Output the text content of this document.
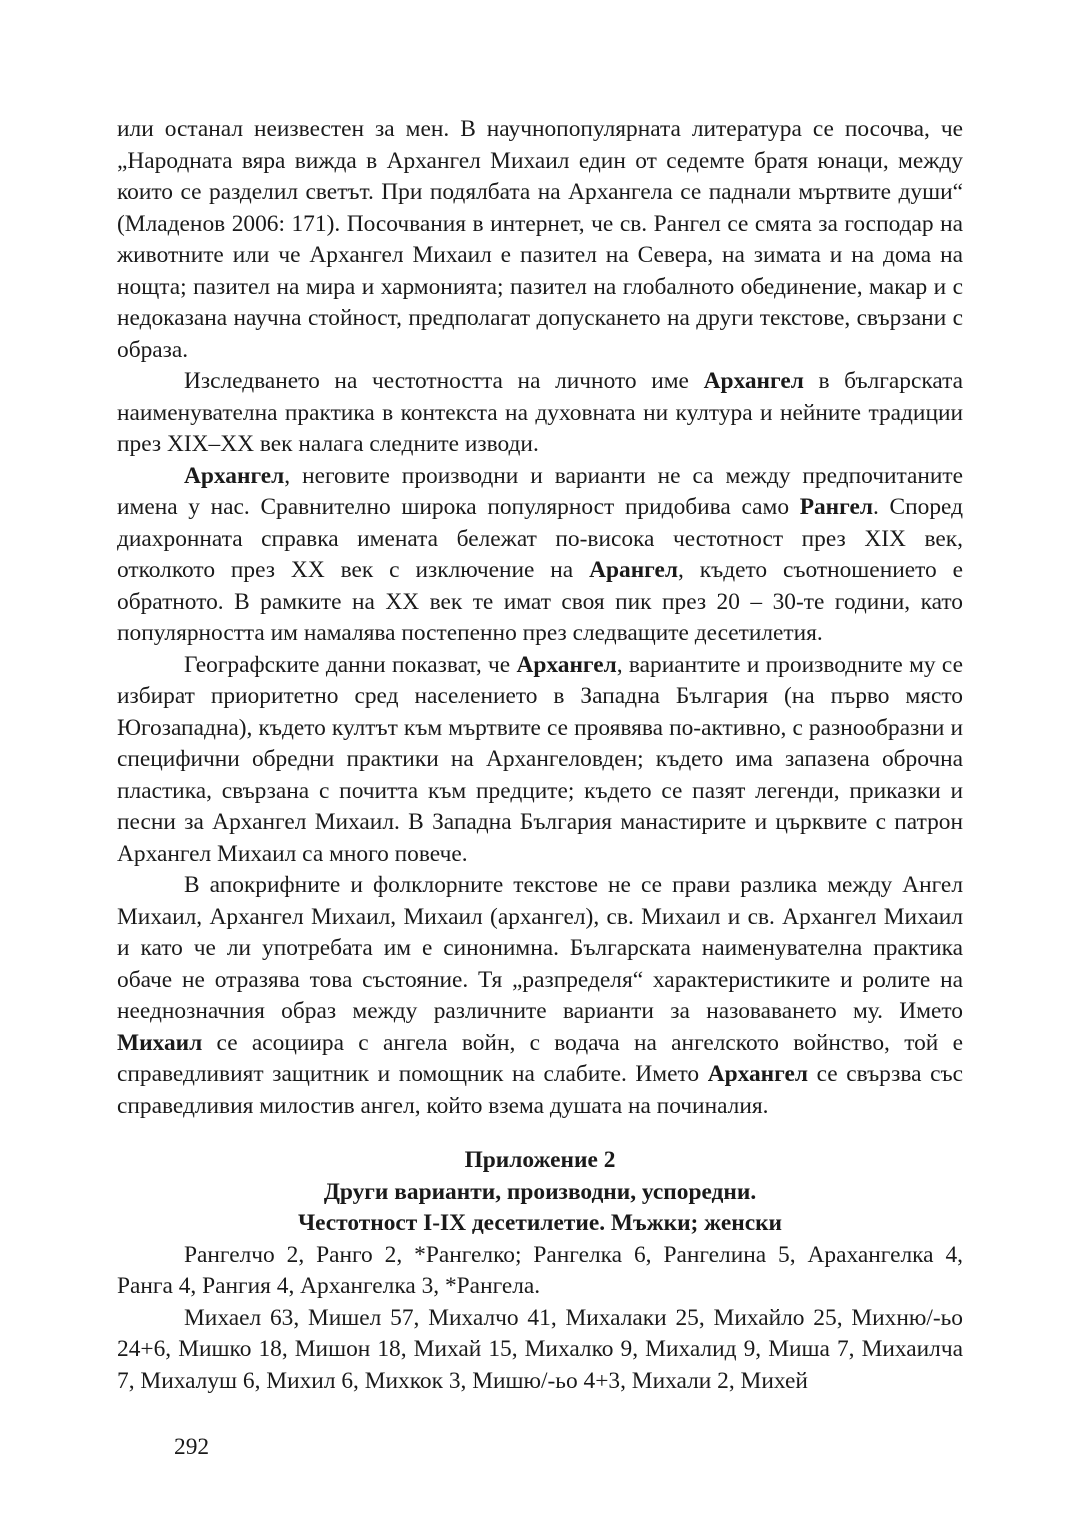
или останал неизвестен за мен. В научнопопулярната литература се посочва, че „Народната вяра вижда в Архангел Михаил един от седемте братя юнаци, между които се разделил светът. При подялбата на Архангела се паднали мъртвите души“ (Младенов 2006: 171). Посочвания в интернет, че св. Рангел се смята за господар на животните или че Архангел Михаил е пазител на Севера, на зимата и на дома на нощта; пазител на мира и хармонията; пазител на глобалното обединение, макар и с недоказана научна стойност, предполагат допускането на други текстове, свързани с образа.

Изследването на честотността на личното име Архангел в българската наименувателна практика в контекста на духовната ни култура и нейните традиции през XIX–XX век налага следните изводи.

Архангел, неговите производни и варианти не са между предпочитаните имена у нас. Сравнително широка популярност придобива само Рангел. Според диахронната справка имената бележат по-висока честотност през XIX век, отколкото през XX век с изключение на Арангел, където съотношението е обратното. В рамките на XX век те имат своя пик през 20 – 30-те години, като популярността им намалява постепенно през следващите десетилетия.

Географските данни показват, че Архангел, вариантите и производните му се избират приоритетно сред населението в Западна България (на първо място Югозападна), където култът към мъртвите се проявява по-активно, с разнообразни и специфични обредни практики на Архангеловден; където има запазена оброчна пластика, свързана с почитта към предците; където се пазят легенди, приказки и песни за Архангел Михаил. В Западна България манастирите и църквите с патрон Архангел Михаил са много повече.

В апокрифните и фолклорните текстове не се прави разлика между Ангел Михаил, Архангел Михаил, Михаил (архангел), св. Михаил и св. Архангел Михаил и като че ли употребата им е синонимна. Българската наименувателна практика обаче не отразява това състояние. Тя „разпределя“ характеристиките и ролите на нееднозначния образ между различните варианти за назоваването му. Името Михаил се асоциира с ангела войн, с водача на ангелското войнство, той е справедливият защитник и помощник на слабите. Името Архангел се свързва със справедливия милостив ангел, който взема душата на починалия.

Приложение 2
Други варианти, производни, успоредни.
Честотност I-IX десетилетие. Мъжки; женски

Рангелчо 2, Ранго 2, *Рангелко; Рангелка 6, Рангелина 5, Арахангелка 4, Ранга 4, Рангия 4, Архангелка 3, *Рангела.

Михаел 63, Мишел 57, Михалчо 41, Михалаки 25, Михайло 25, Михню/-ьо 24+6, Мишко 18, Мишон 18, Михай 15, Михалко 9, Михалид 9, Миша 7, Михаилча 7, Михалуш 6, Михил 6, Михкок 3, Мишю/-ьо 4+3, Михали 2, Михей

292
